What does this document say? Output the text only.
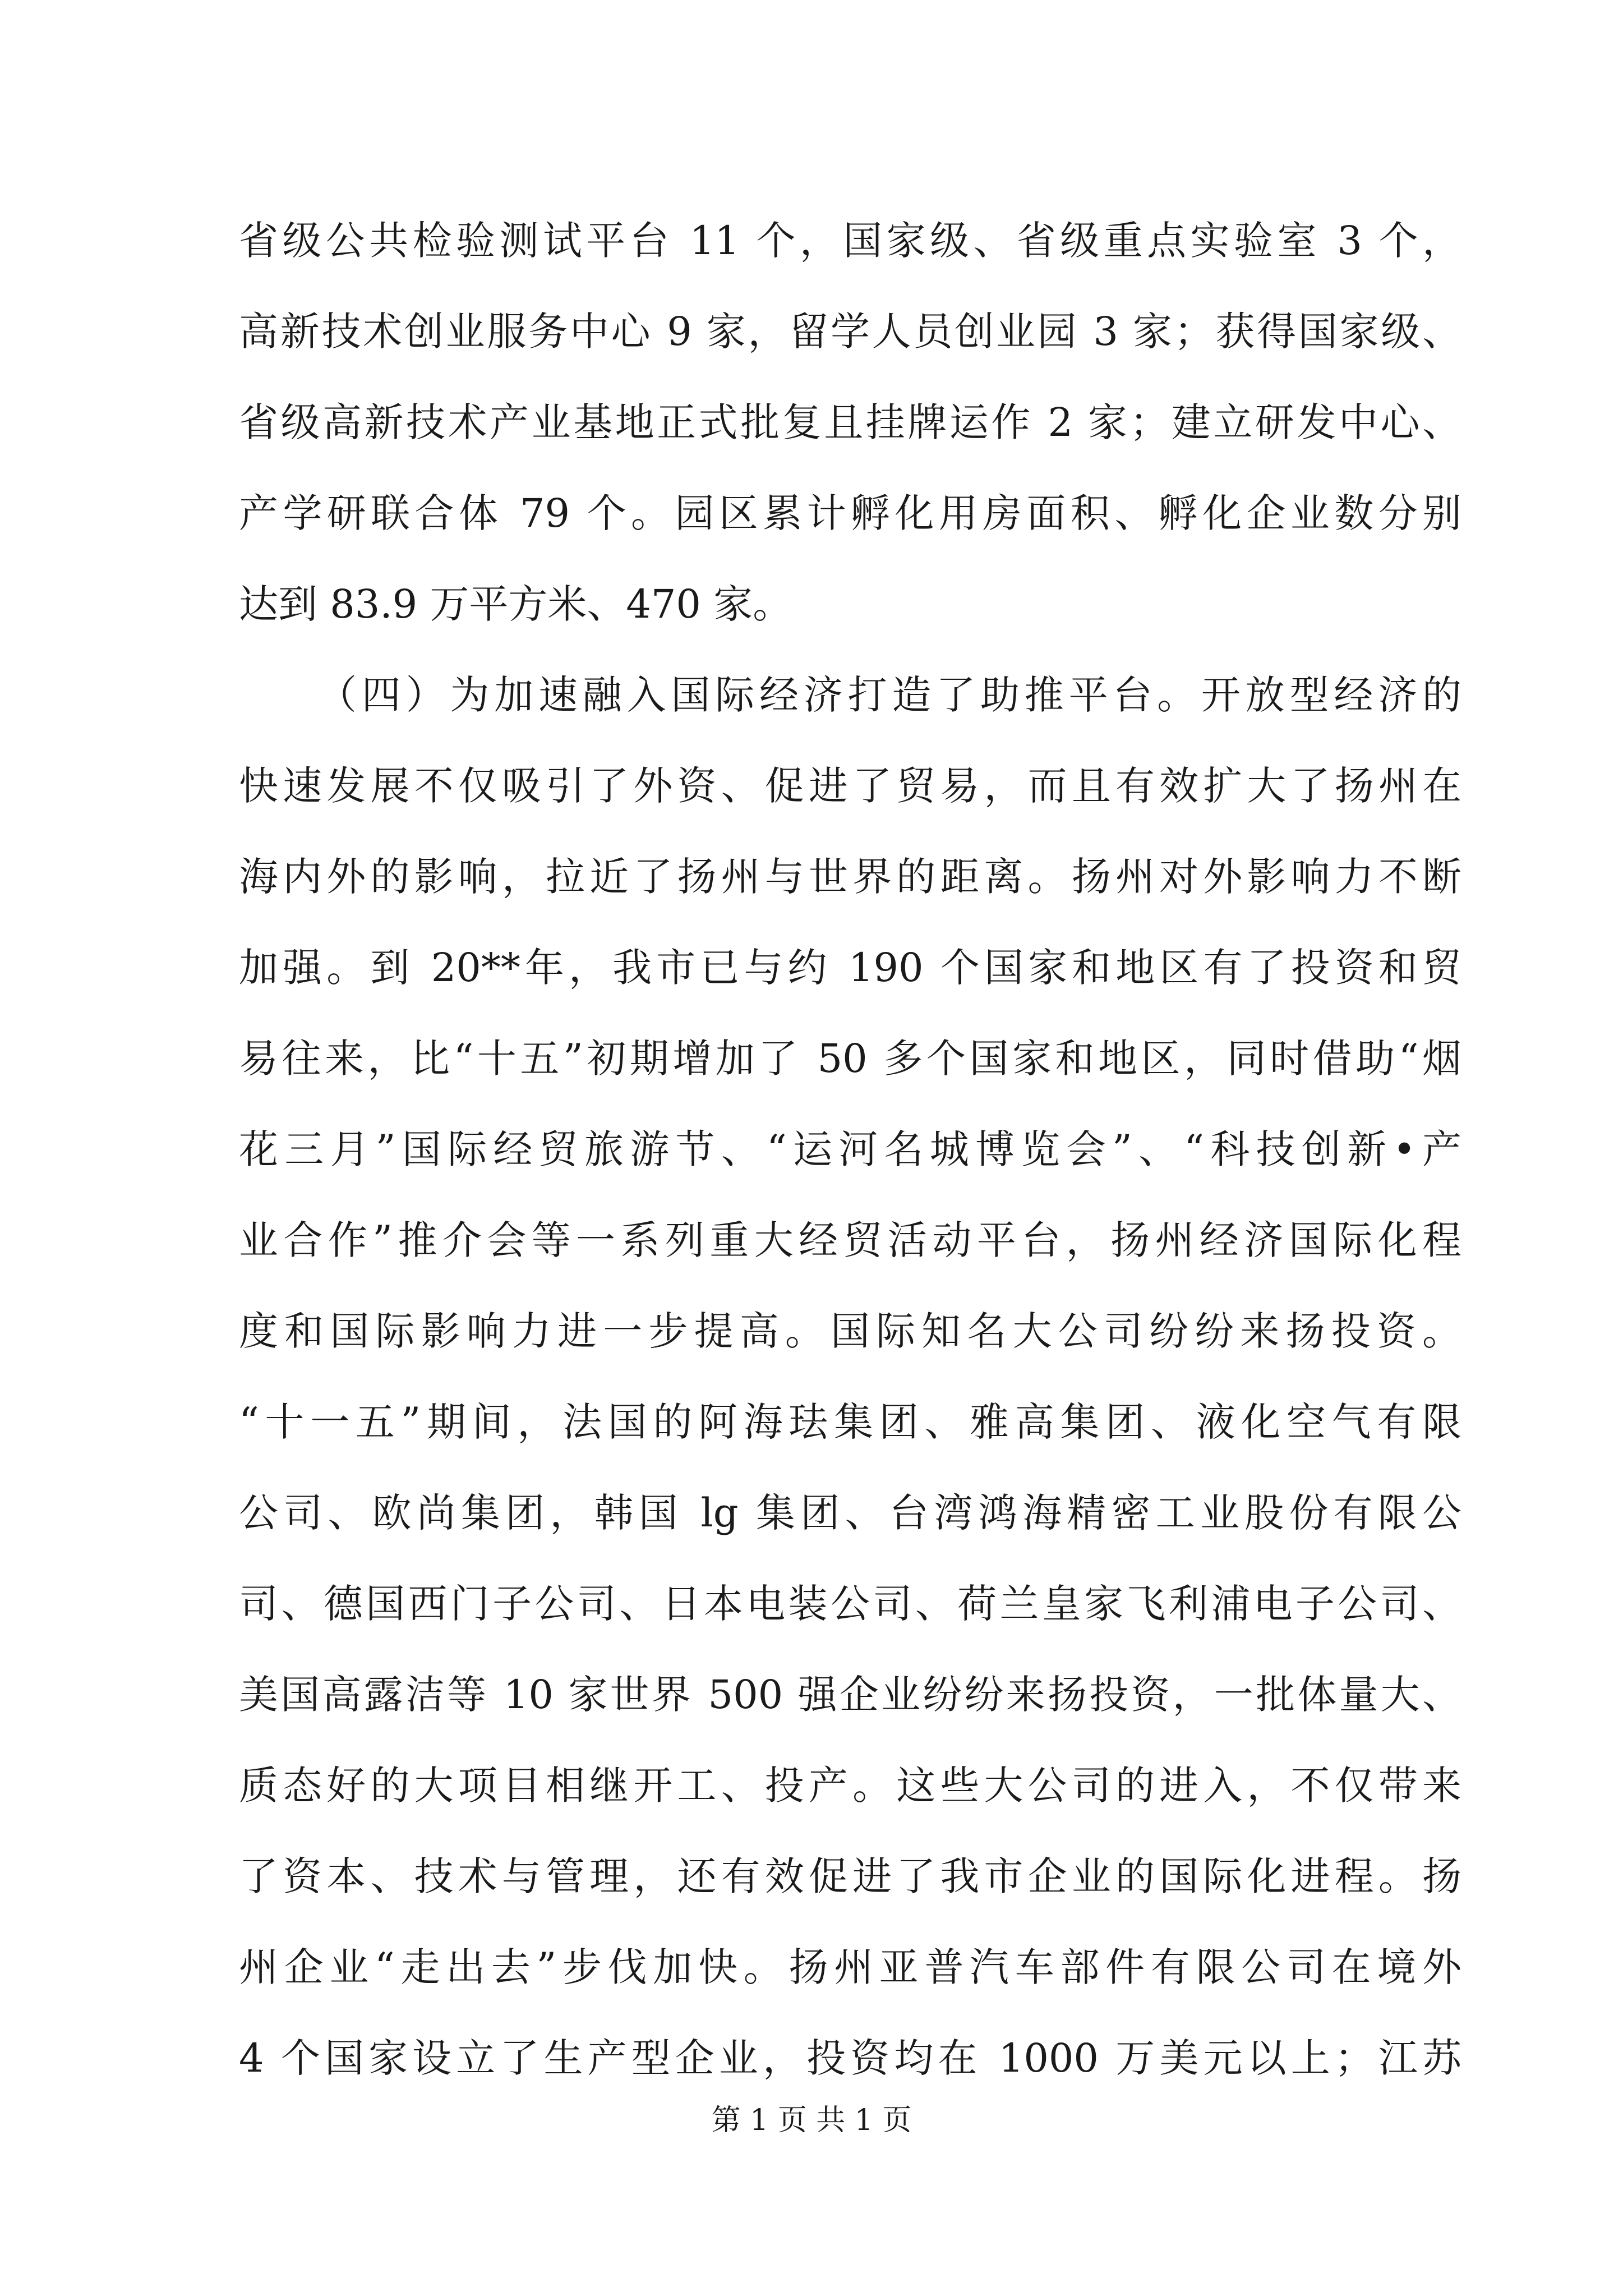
省级公共检验测试平台 11 个，国家级、省级重点实验室 3 个，
高新技术创业服务中心 9 家，留学人员创业园 3 家；获得国家级、
省级高新技术产业基地正式批复且挂牌运作 2 家；建立研发中心、
产学研联合体 79 个。园区累计孵化用房面积、孵化企业数分别
达到 83.9 万平方米、470 家。
（四）为加速融入国际经济打造了助推平台。开放型经济的
快速发展不仅吸引了外资、促进了贸易，而且有效扩大了扬州在
海内外的影响，拉近了扬州与世界的距离。扬州对外影响力不断
加强。到 20**年，我市已与约 190 个国家和地区有了投资和贸
易往来，比“十五”初期增加了 50 多个国家和地区，同时借助“烟
花三月”国际经贸旅游节、“运河名城博览会”、“科技创新•产
业合作”推介会等一系列重大经贸活动平台，扬州经济国际化程
度和国际影响力进一步提高。国际知名大公司纷纷来扬投资。
“十一五”期间，法国的阿海珐集团、雅高集团、液化空气有限
公司、欧尚集团，韩国 lg 集团、台湾鸿海精密工业股份有限公
司、德国西门子公司、日本电装公司、荷兰皇家飞利浦电子公司、
美国高露洁等 10 家世界 500 强企业纷纷来扬投资，一批体量大、
质态好的大项目相继开工、投产。这些大公司的进入，不仅带来
了资本、技术与管理，还有效促进了我市企业的国际化进程。扬
州企业“走出去”步伐加快。扬州亚普汽车部件有限公司在境外
4 个国家设立了生产型企业，投资均在 1000 万美元以上；江苏
第 1 页 共 1 页
